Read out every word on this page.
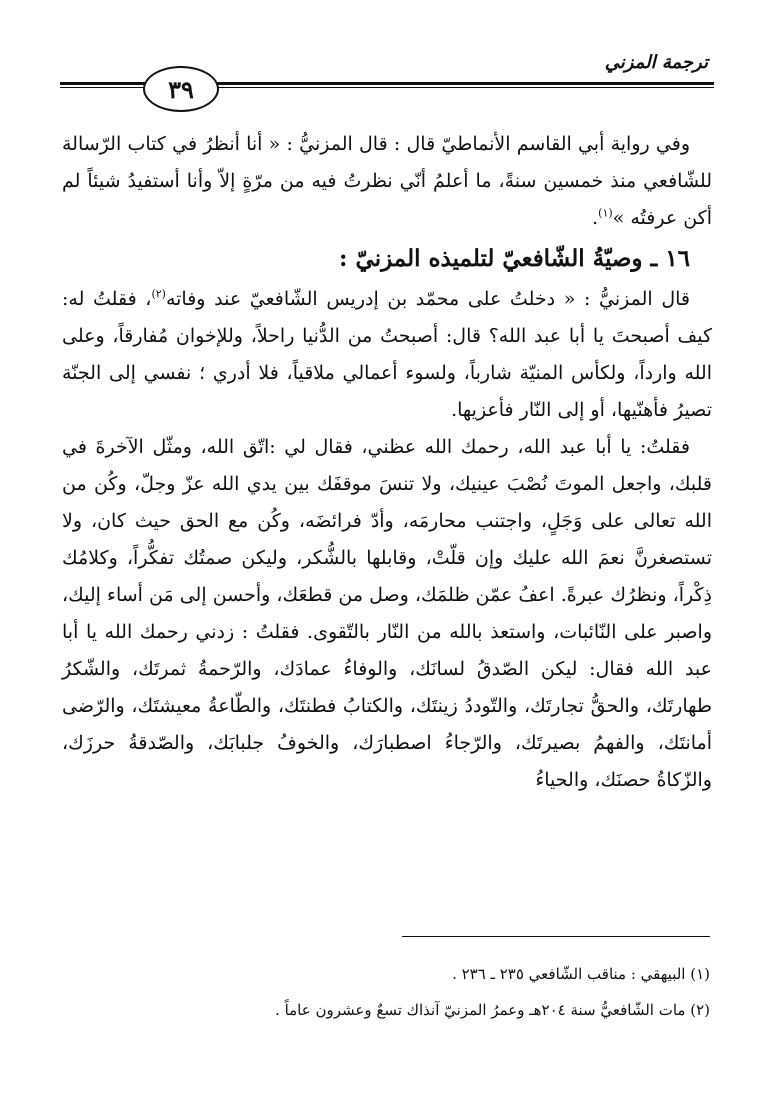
ترجمة المزني
٣٩

وفي رواية أبي القاسم الأنماطيّ قال : قال المزنيُّ : « أنا أنظرُ في كتاب الرّسالة للشّافعي منذ خمسين سنةً، ما أعلمُ أنّي نظرتُ فيه من مرّةٍ إلاّ وأنا أستفيدُ شيئاً لم أكن عرفتُه »$^{(١)}$.

١٦ ـ وصيّةُ الشّافعيّ لتلميذه المزنيّ :

قال المزنيُّ : « دخلتُ على محمّد بن إدريس الشّافعيّ عند وفاته$^{(٢)}$، فقلتُ له: كيف أصبحتَ يا أبا عبد الله؟ قال: أصبحتُ من الدُّنيا راحلاً، وللإخوان مُفارقاً، وعلى الله وارداً، ولكأس المنيّة شارباً، ولسوء أعمالي ملاقياً، فلا أدري ؛ نفسي إلى الجنّة تصيرُ فأهنّيها، أو إلى النّار فأعزيها.

فقلتُ: يا أبا عبد الله، رحمك الله عظني، فقال لي :اتّق الله، ومثّل الآخرةَ في قلبك، واجعل الموتَ نُصْبَ عينيك، ولا تنسَ موقفَك بين يدي الله عزّ وجلّ، وكُن من الله تعالى على وَجَلٍ، واجتنب محارمَه، وأدّ فرائضَه، وكُن مع الحق حيث كان، ولا تستصغرنَّ نعمَ الله عليك وإن قلّتْ، وقابلها بالشُّكر، وليكن صمتُك تفكُّراً، وكلامُك ذِكْراً، ونظرُك عبرةً. اعفُ عمّن ظلمَك، وصل من قطعَك، وأحسن إلى مَن أساء إليك، واصبر على النّائبات، واستعذ بالله من النّار بالتّقوى. فقلتُ : زدني رحمك الله يا أبا عبد الله فقال: ليكن الصّدقُ لسانَك، والوفاءُ عمادَك، والرّحمةُ ثمرتَك، والشّكرُ طهارتَك، والحقُّ تجارتَك، والتّوددُ زينتَك، والكتابُ فطنتَك، والطّاعةُ معيشتَك، والرّضى أمانتَك، والفهمُ بصيرتَك، والرّجاءُ اصطبارَك، والخوفُ جلبابَك، والصّدقةُ حرزَك، والزّكاةُ حصنَك، والحياءُ

(١) البيهقي : مناقب الشّافعي ٢٣٥ ـ ٢٣٦ .

(٢) مات الشّافعيُّ سنة ٢٠٤هـ وعمرُ المزنيّ آنذاك تسعٌ وعشرون عاماً .
